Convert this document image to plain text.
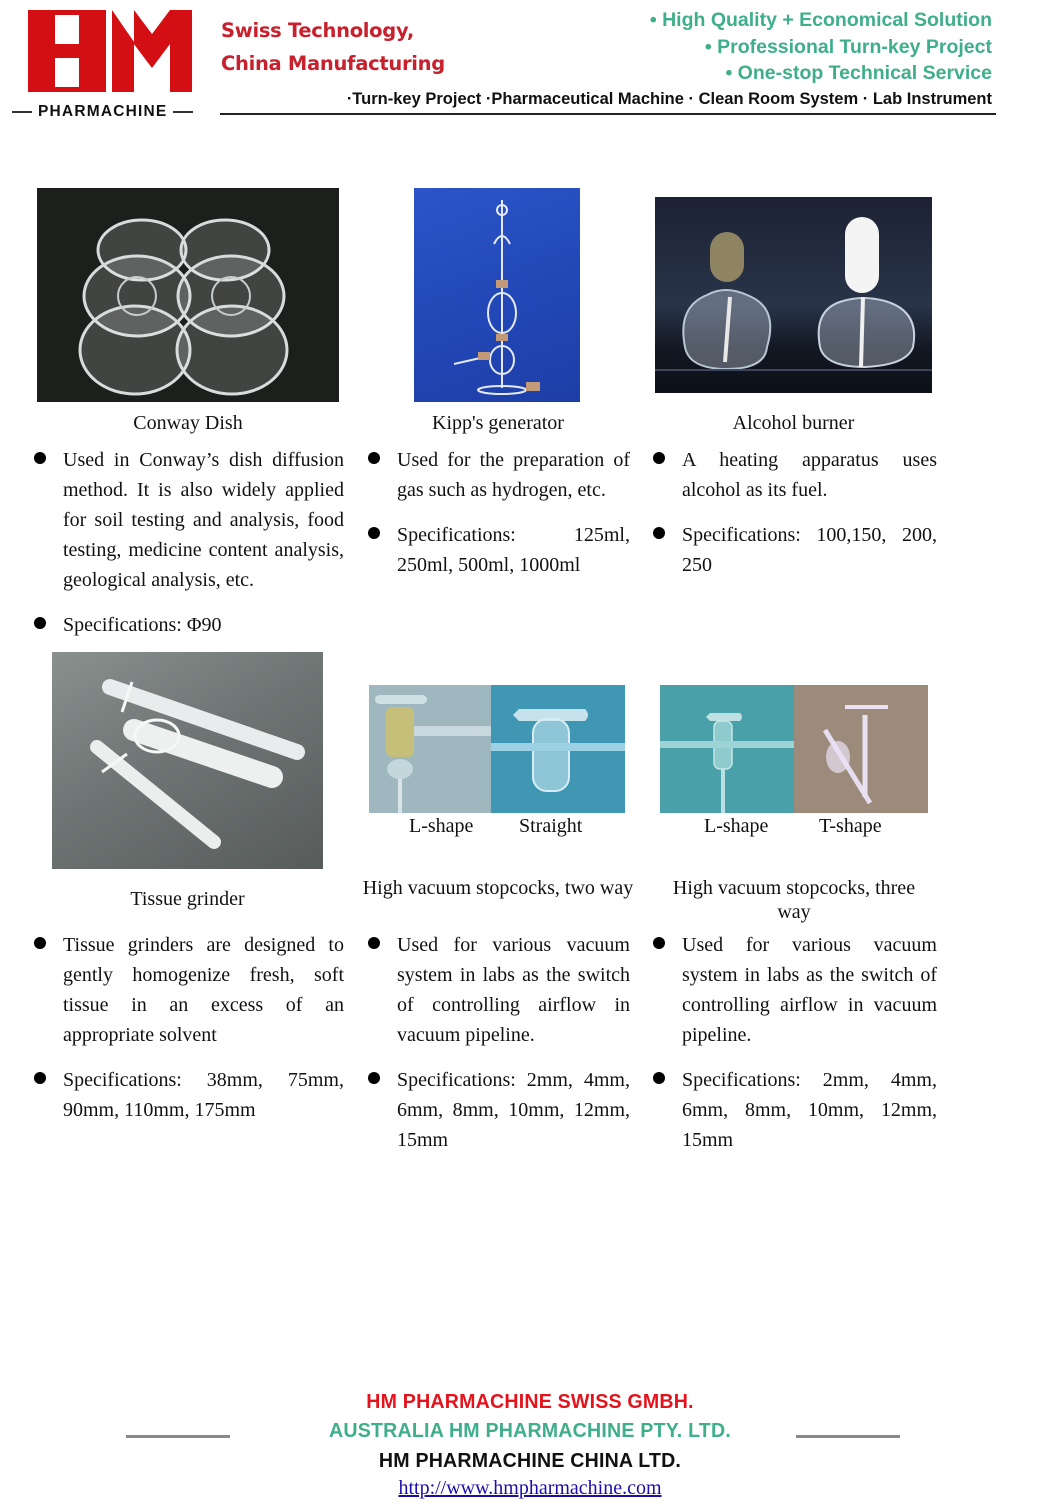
PHARMACHINE
Swiss Technology,
China Manufacturing
• High Quality + Economical Solution
• Professional Turn-key Project
• One-stop Technical Service
·Turn-key Project ·Pharmaceutical Machine · Clean Room System · Lab Instrument
Conway Dish	Kipp's generator	Alcohol burner
Used in Conway’s dish diffusion method. It is also widely applied for soil testing and analysis, food testing, medicine content analysis, geological analysis, etc.
Specifications: Φ90
Used for the preparation of gas such as hydrogen, etc.
Specifications: 125ml, 250ml, 500ml, 1000ml
A heating apparatus uses alcohol as its fuel.
Specifications: 100,150, 200, 250
L-shape Straight	L-shape	T-shape
Tissue grinder	High vacuum stopcocks, two way	High vacuum stopcocks, three way
Tissue grinders are designed to gently homogenize fresh, soft tissue in an excess of an appropriate solvent
Specifications: 38mm, 75mm, 90mm, 110mm, 175mm
Used for various vacuum system in labs as the switch of controlling airflow in vacuum pipeline.
Specifications: 2mm, 4mm, 6mm, 8mm, 10mm, 12mm, 15mm
Used for various vacuum system in labs as the switch of controlling airflow in vacuum pipeline.
Specifications: 2mm, 4mm, 6mm, 8mm, 10mm, 12mm, 15mm
HM PHARMACHINE SWISS GMBH.
AUSTRALIA HM PHARMACHINE PTY. LTD.
HM PHARMACHINE CHINA LTD.
http://www.hmpharmachine.com
